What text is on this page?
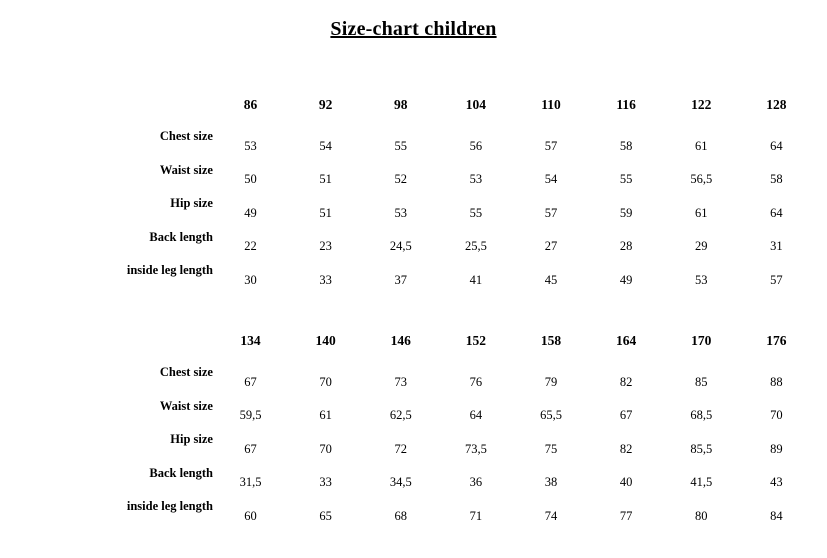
Size-chart children
	86	92	98	104	110	116	122	128
Chest size	53	54	55	56	57	58	61	64
Waist size	50	51	52	53	54	55	56,5	58
Hip size	49	51	53	55	57	59	61	64
Back length	22	23	24,5	25,5	27	28	29	31
inside leg length	30	33	37	41	45	49	53	57
	134	140	146	152	158	164	170	176
Chest size	67	70	73	76	79	82	85	88
Waist size	59,5	61	62,5	64	65,5	67	68,5	70
Hip size	67	70	72	73,5	75	82	85,5	89
Back length	31,5	33	34,5	36	38	40	41,5	43
inside leg length	60	65	68	71	74	77	80	84
